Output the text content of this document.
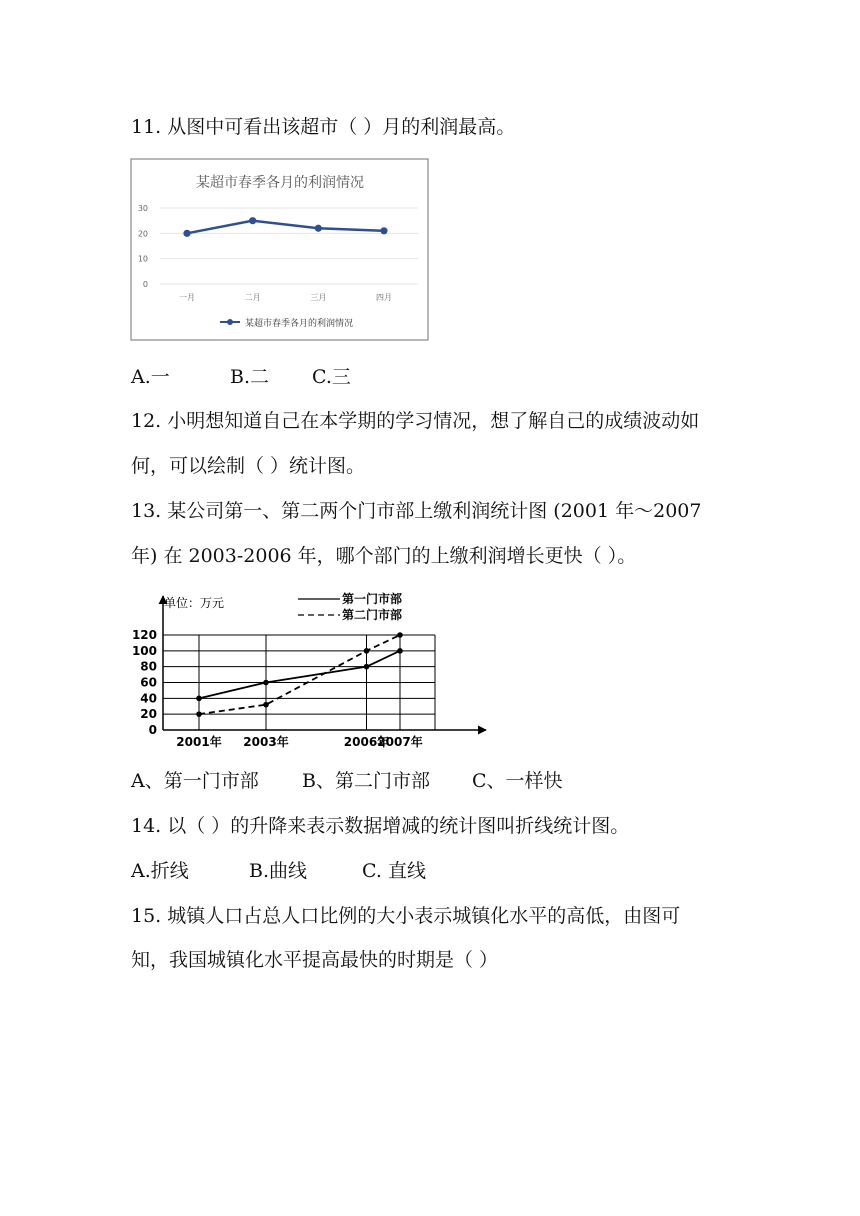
11. 从图中可看出该超市（ ）月的利润最高。
某超市春季各月的利润情况
0
10
20
30
一月	二月	三月	四月
某超市春季各月的利润情况
A.一	B.二 C.三
12. 小明想知道自己在本学期的学习情况，想了解自己的成绩波动如
何，可以绘制（ ）统计图。
13. 某公司第一、第二两个门市部上缴利润统计图 (2001 年～2007
年) 在 2003-2006 年，哪个部门的上缴利润增长更快（ ）。
单位：万元	第一门市部
第二门市部
0
20
40
60
80
100
120
2001年 2003年	2006年
2007年
A、第一门市部 B、第二门市部 C、一样快
14. 以（ ）的升降来表示数据增减的统计图叫折线统计图。
A.折线	B.曲线	C. 直线
15. 城镇人口占总人口比例的大小表示城镇化水平的高低，由图可
知，我国城镇化水平提高最快的时期是（ ）
